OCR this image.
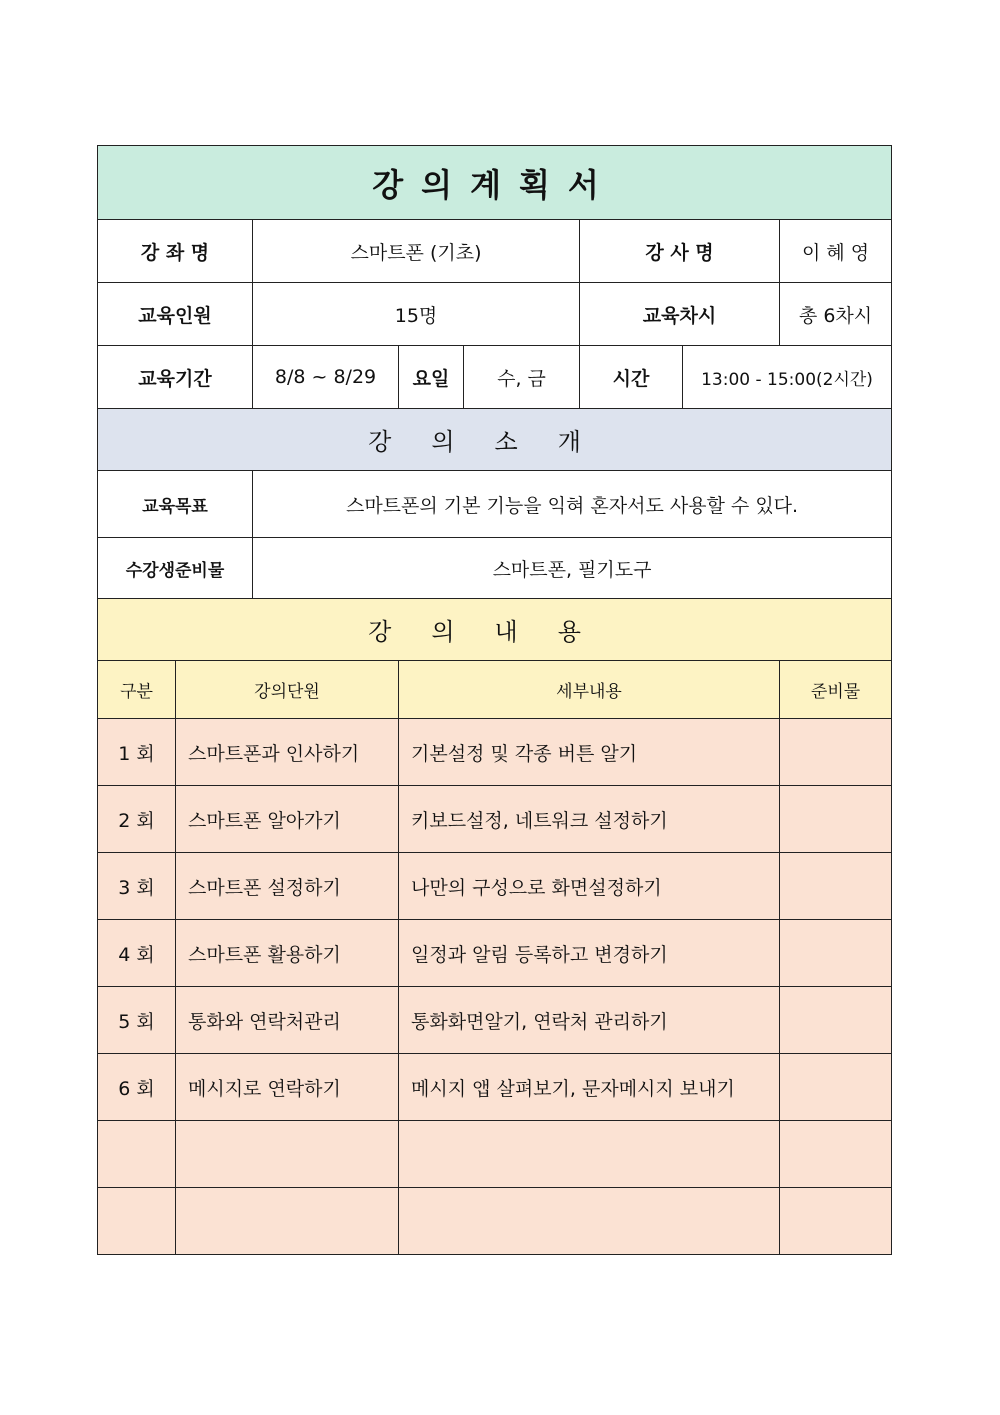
강의계획서							
강 좌 명		스마트폰 (기초)			강 사 명		이 혜 영
교육인원		15명			교육차시		총 6차시
교육기간		8/8 ~ 8/29	요일	수, 금	시간	13:00 - 15:00(2시간)	
강의소개							
교육목표		스마트폰의 기본 기능을 익혀 혼자서도 사용할 수 있다.					
수강생준비물		스마트폰, 필기도구					
강의내용							
구분	강의단원		세부내용				준비물
1 회	스마트폰과 인사하기		기본설정 및 각종 버튼 알기				
2 회	스마트폰 알아가기		키보드설정, 네트워크 설정하기				
3 회	스마트폰 설정하기		나만의 구성으로 화면설정하기				
4 회	스마트폰 활용하기		일정과 알림 등록하고 변경하기				
5 회	통화와 연락처관리		통화화면알기, 연락처 관리하기				
6 회	메시지로 연락하기		메시지 앱 살펴보기, 문자메시지 보내기				
